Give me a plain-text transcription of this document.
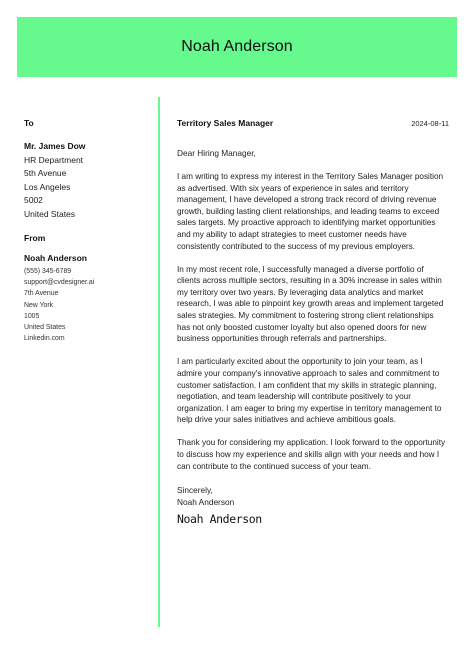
Noah Anderson
To
Mr. James Dow
HR Department
5th Avenue
Los Angeles
5002
United States
From
Noah Anderson
(555) 345-6789
support@cvdesigner.ai
7th Avenue
New York
1005
United States
Linkedin.com
Territory Sales Manager	2024-08-11
Dear Hiring Manager,
I am writing to express my interest in the Territory Sales Manager position as advertised. With six years of experience in sales and territory management, I have developed a strong track record of driving revenue growth, building lasting client relationships, and leading teams to exceed sales targets. My proactive approach to identifying market opportunities and my ability to adapt strategies to meet customer needs have consistently contributed to the success of my previous employers.
In my most recent role, I successfully managed a diverse portfolio of clients across multiple sectors, resulting in a 30% increase in sales within my territory over two years. By leveraging data analytics and market research, I was able to pinpoint key growth areas and implement targeted sales strategies. My commitment to fostering strong client relationships has not only boosted customer loyalty but also opened doors for new business opportunities through referrals and partnerships.
I am particularly excited about the opportunity to join your team, as I admire your company's innovative approach to sales and commitment to customer satisfaction. I am confident that my skills in strategic planning, negotiation, and team leadership will contribute positively to your organization. I am eager to bring my expertise in territory management to help drive your sales initiatives and achieve ambitious goals.
Thank you for considering my application. I look forward to the opportunity to discuss how my experience and skills align with your needs and how I can contribute to the continued success of your team.
Sincerely,
Noah Anderson
Noah Anderson
